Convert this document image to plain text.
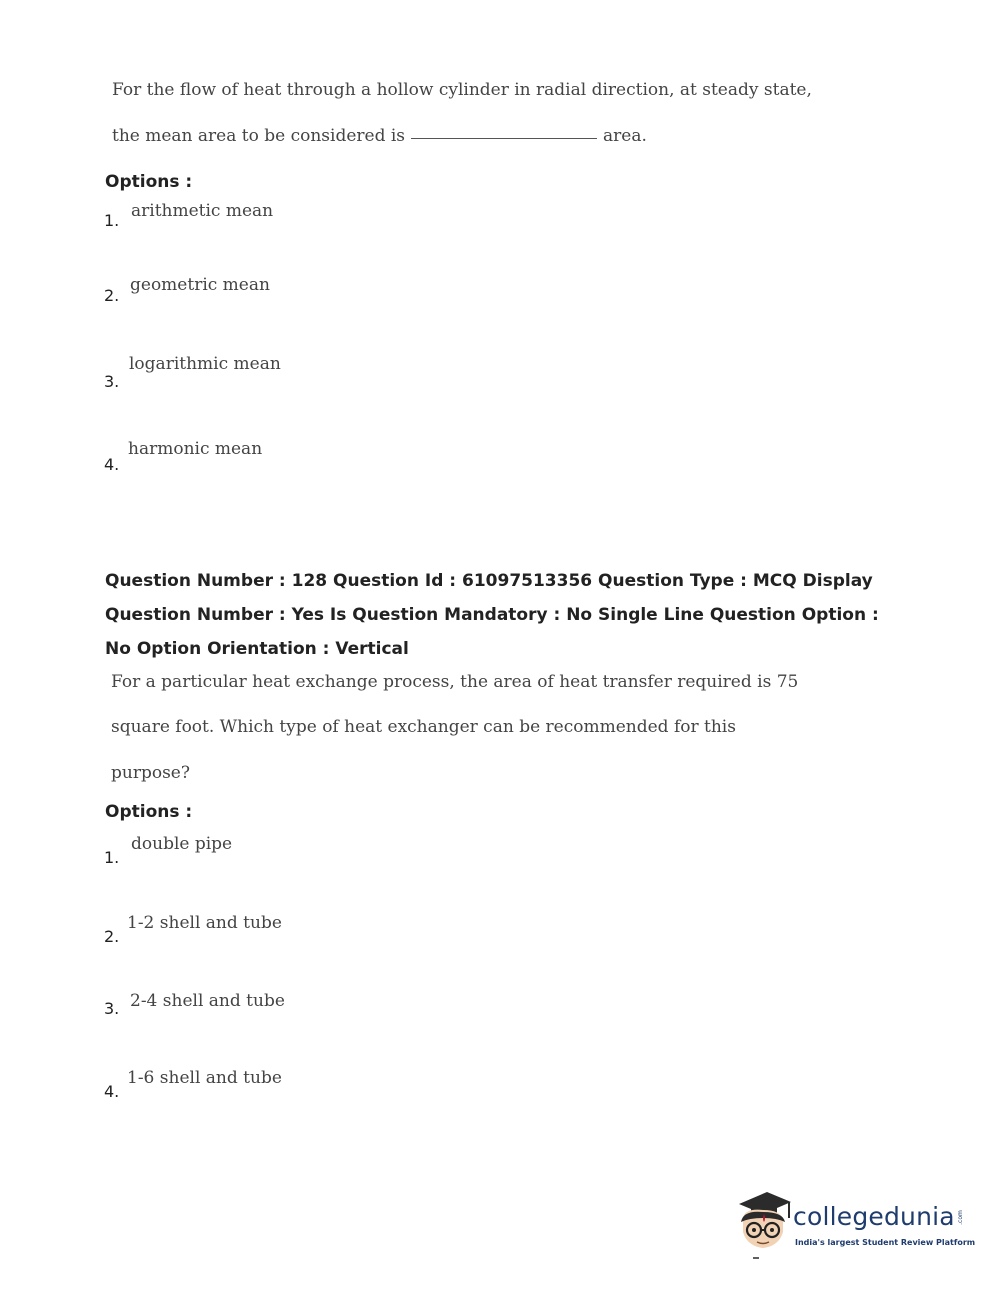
For the flow of heat through a hollow cylinder in radial direction, at steady state,
the mean area to be considered is	area.
Options :
1. arithmetic mean
2.
geometric mean
3.
logarithmic mean
4.
harmonic mean
Question Number : 128 Question Id : 61097513356 Question Type : MCQ Display Question Number : Yes Is Question Mandatory : No Single Line Question Option : No Option Orientation : Vertical
For a particular heat exchange process, the area of heat transfer required is 75
square foot. Which type of heat exchanger can be recommended for this
purpose?
Options :
1.
double pipe
2.
1-2 shell and tube
3. 2-4 shell and tube
4.
1-6 shell and tube
collegedunia .com
India's largest Student Review Platform
